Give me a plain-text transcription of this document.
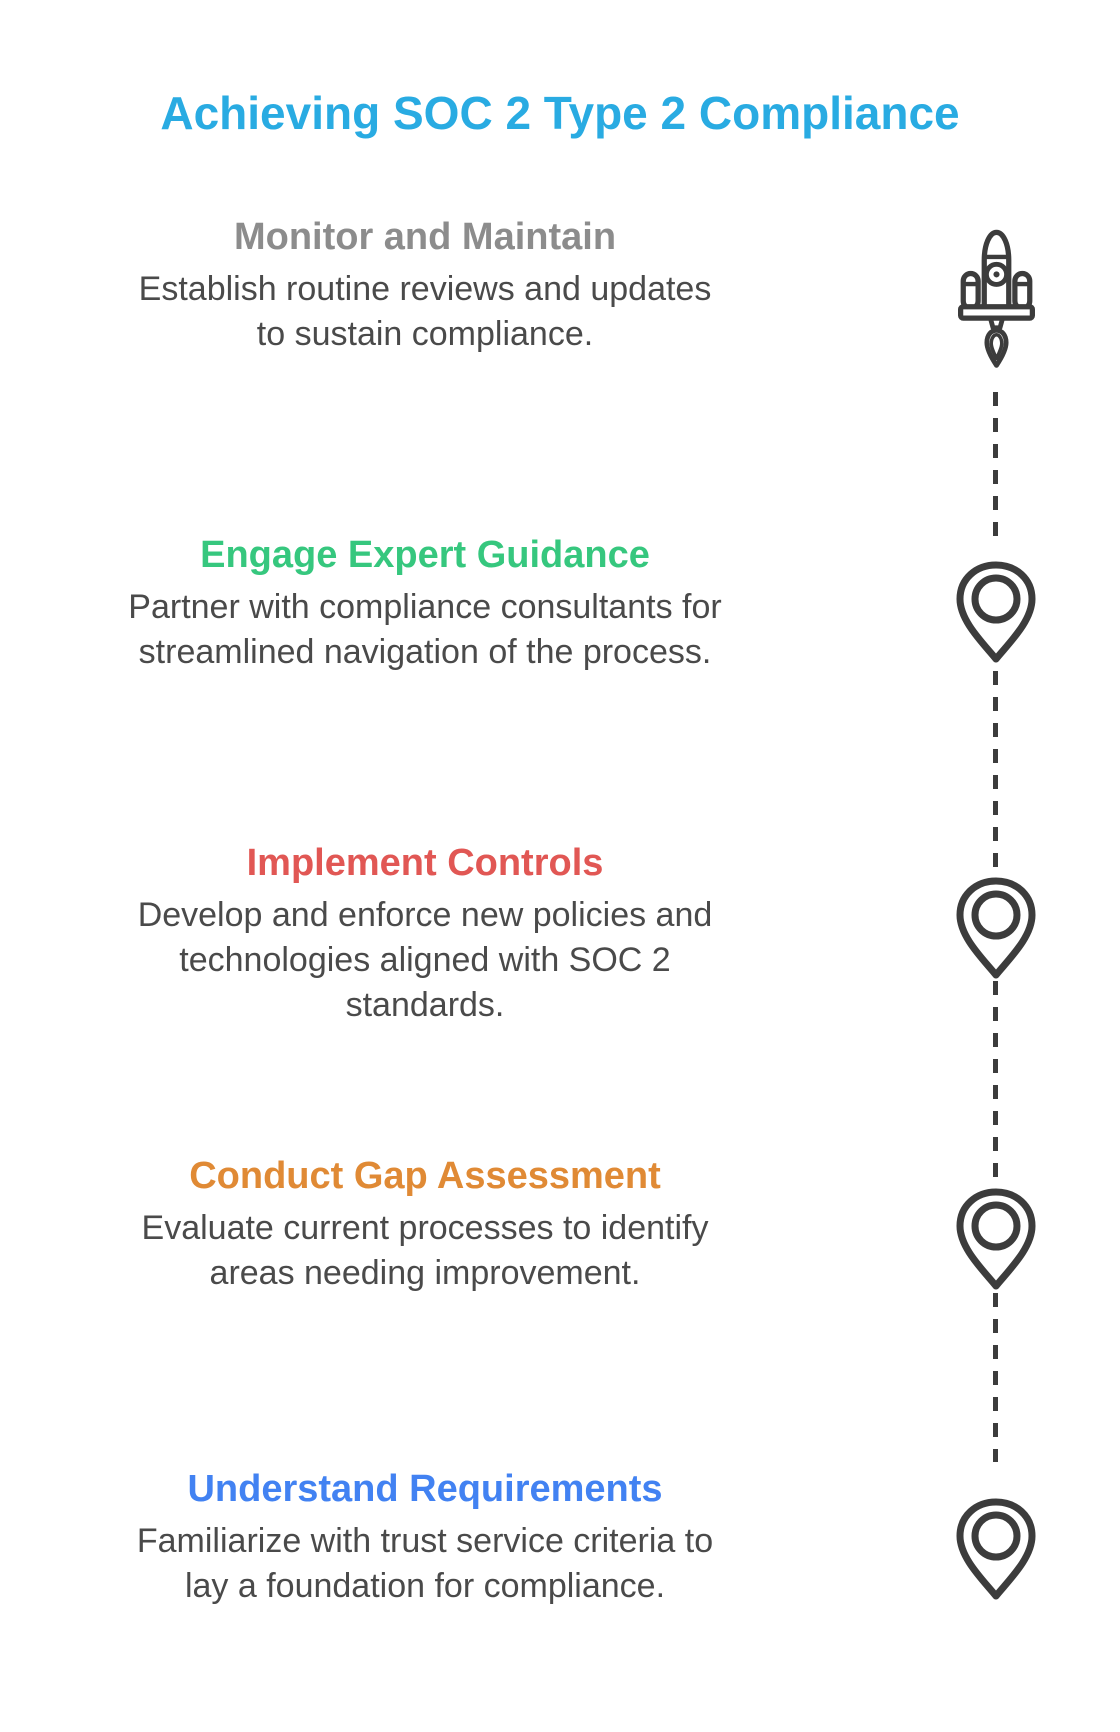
Achieving SOC 2 Type 2 Compliance
Monitor and Maintain
Establish routine reviews and updates
to sustain compliance.
Engage Expert Guidance
Partner with compliance consultants for
streamlined navigation of the process.
Implement Controls
Develop and enforce new policies and
technologies aligned with SOC 2
standards.
Conduct Gap Assessment
Evaluate current processes to identify
areas needing improvement.
Understand Requirements
Familiarize with trust service criteria to
lay a foundation for compliance.
